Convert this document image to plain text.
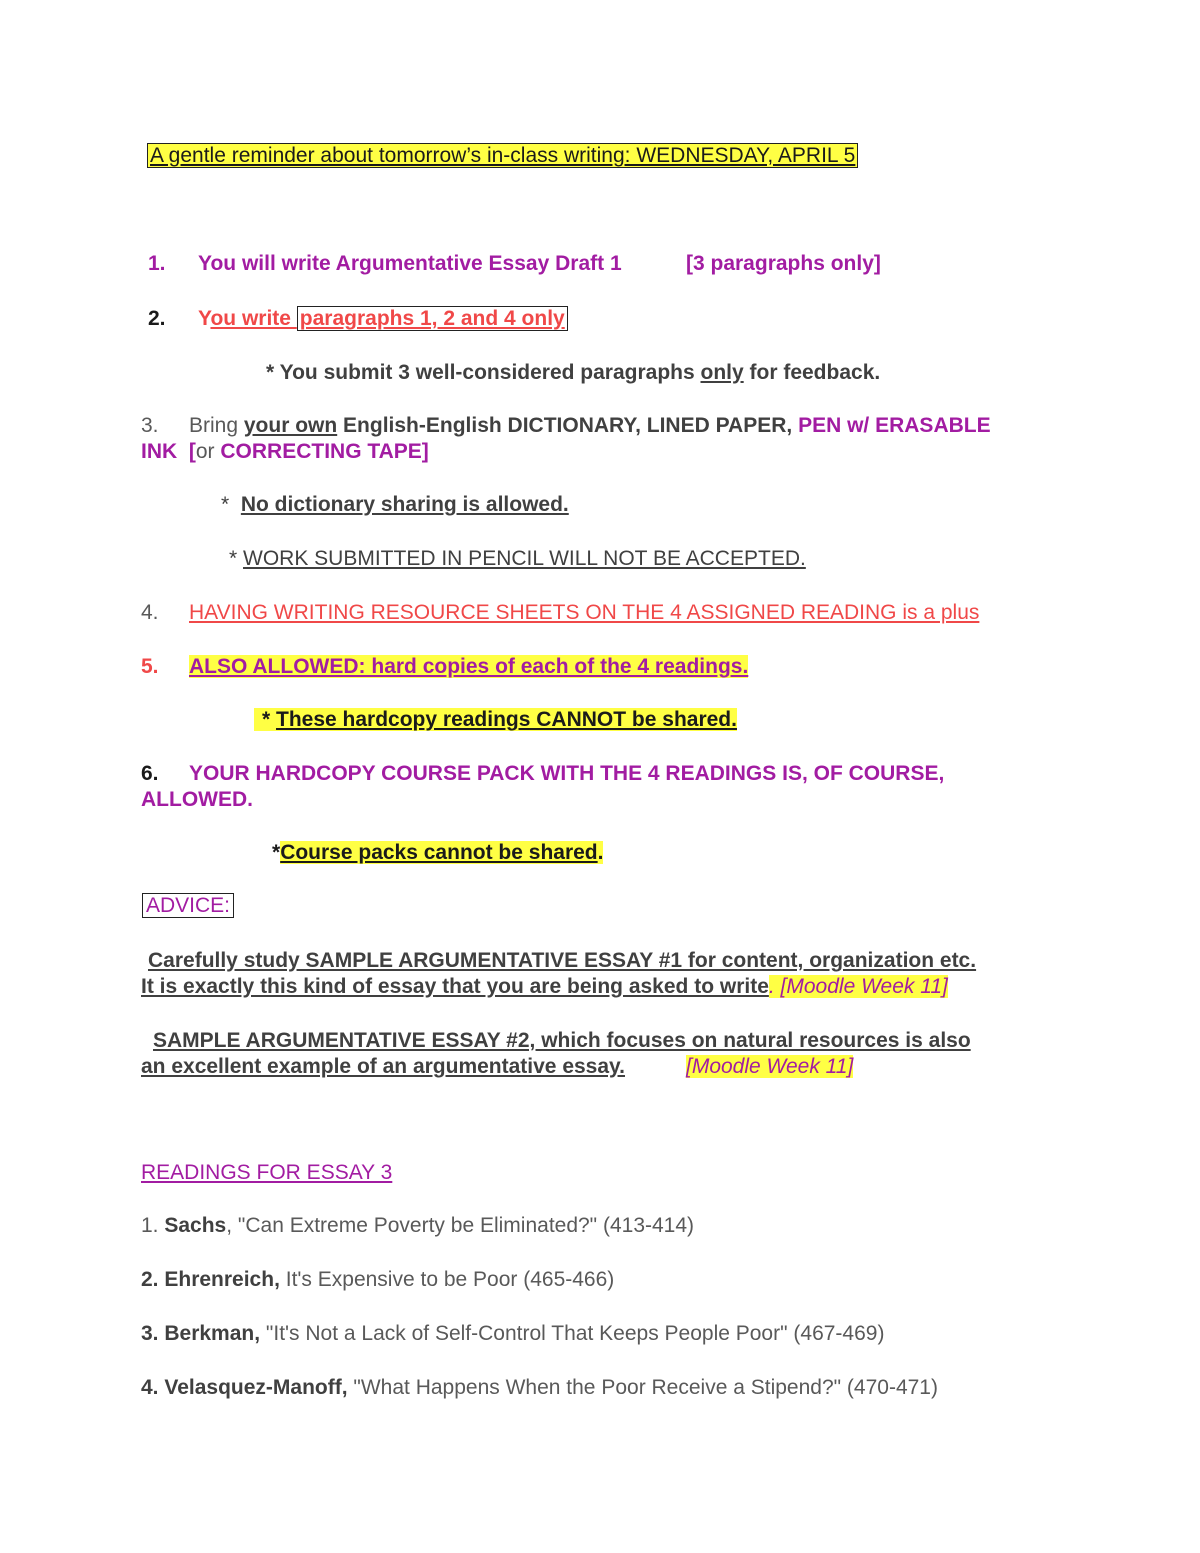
A gentle reminder about tomorrow’s in-class writing: WEDNESDAY, APRIL 5
1. You will write Argumentative Essay Draft 1	[3 paragraphs only]
2. You write paragraphs 1, 2 and 4 only
* You submit 3 well-considered paragraphs only for feedback.
3. Bring your own English-English DICTIONARY, LINED PAPER, PEN w/ ERASABLE
INK [or CORRECTING TAPE]
* No dictionary sharing is allowed.
* WORK SUBMITTED IN PENCIL WILL NOT BE ACCEPTED.
4. HAVING WRITING RESOURCE SHEETS ON THE 4 ASSIGNED READING is a plus
5. ALSO ALLOWED: hard copies of each of the 4 readings.
* These hardcopy readings CANNOT be shared.
6. YOUR HARDCOPY COURSE PACK WITH THE 4 READINGS IS, OF COURSE,
ALLOWED.
*Course packs cannot be shared.
ADVICE:
Carefully study SAMPLE ARGUMENTATIVE ESSAY #1 for content, organization etc.
It is exactly this kind of essay that you are being asked to write. [Moodle Week 11]
SAMPLE ARGUMENTATIVE ESSAY #2, which focuses on natural resources is also
an excellent example of an argumentative essay.	[Moodle Week 11]
READINGS FOR ESSAY 3
1. Sachs, "Can Extreme Poverty be Eliminated?" (413-414)
2. Ehrenreich, It's Expensive to be Poor (465-466)
3. Berkman, "It's Not a Lack of Self-Control That Keeps People Poor" (467-469)
4. Velasquez-Manoff, "What Happens When the Poor Receive a Stipend?" (470-471)
